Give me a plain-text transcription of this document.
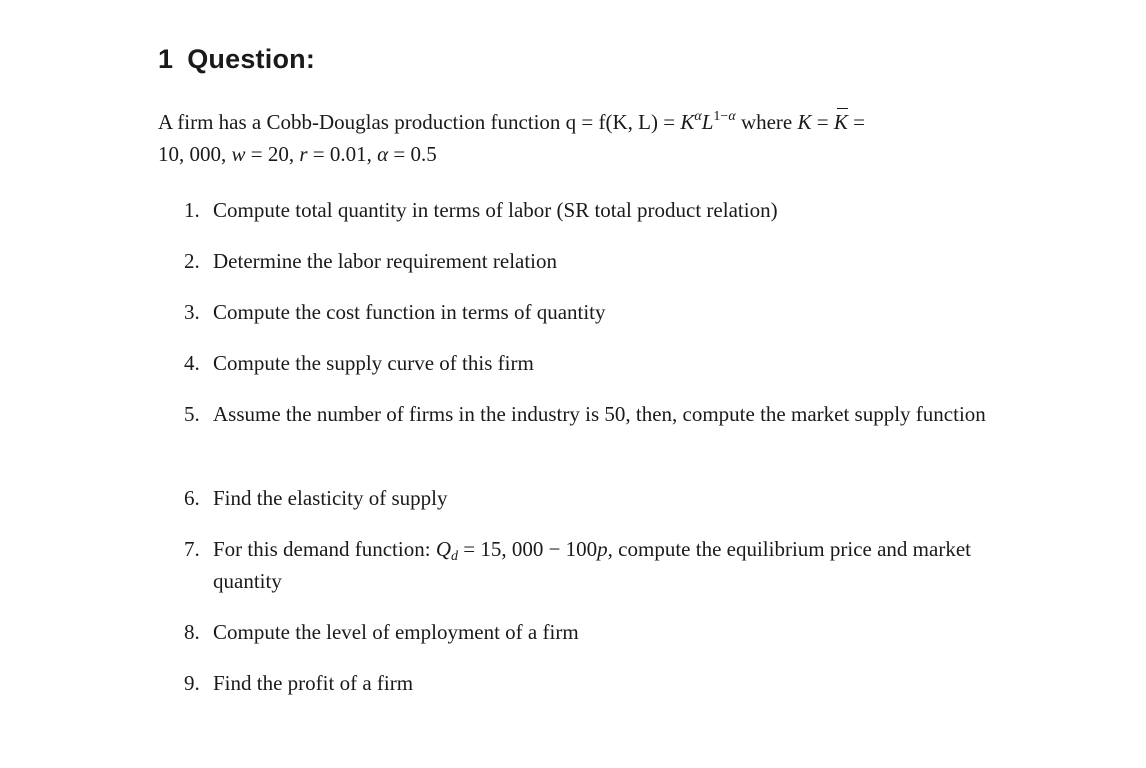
1 Question:
A firm has a Cobb-Douglas production function q = f(K, $L) = K^\alpha L^{1-\alpha}$ where K = K =
10, 000, w = 20, r = 0.01, α = 0.5
1. Compute total quantity in terms of labor (SR total product relation)
2. Determine the labor requirement relation
3. Compute the cost function in terms of quantity
4. Compute the supply curve of this firm
5. Assume the number of firms in the industry is 50, then, compute the market supply function
6. Find the elasticity of supply
7. For this demand function: $Q_d = 15$, 000 − 100p, compute the equilibrium price and market quantity
8. Compute the level of employment of a firm
9. Find the profit of a firm
